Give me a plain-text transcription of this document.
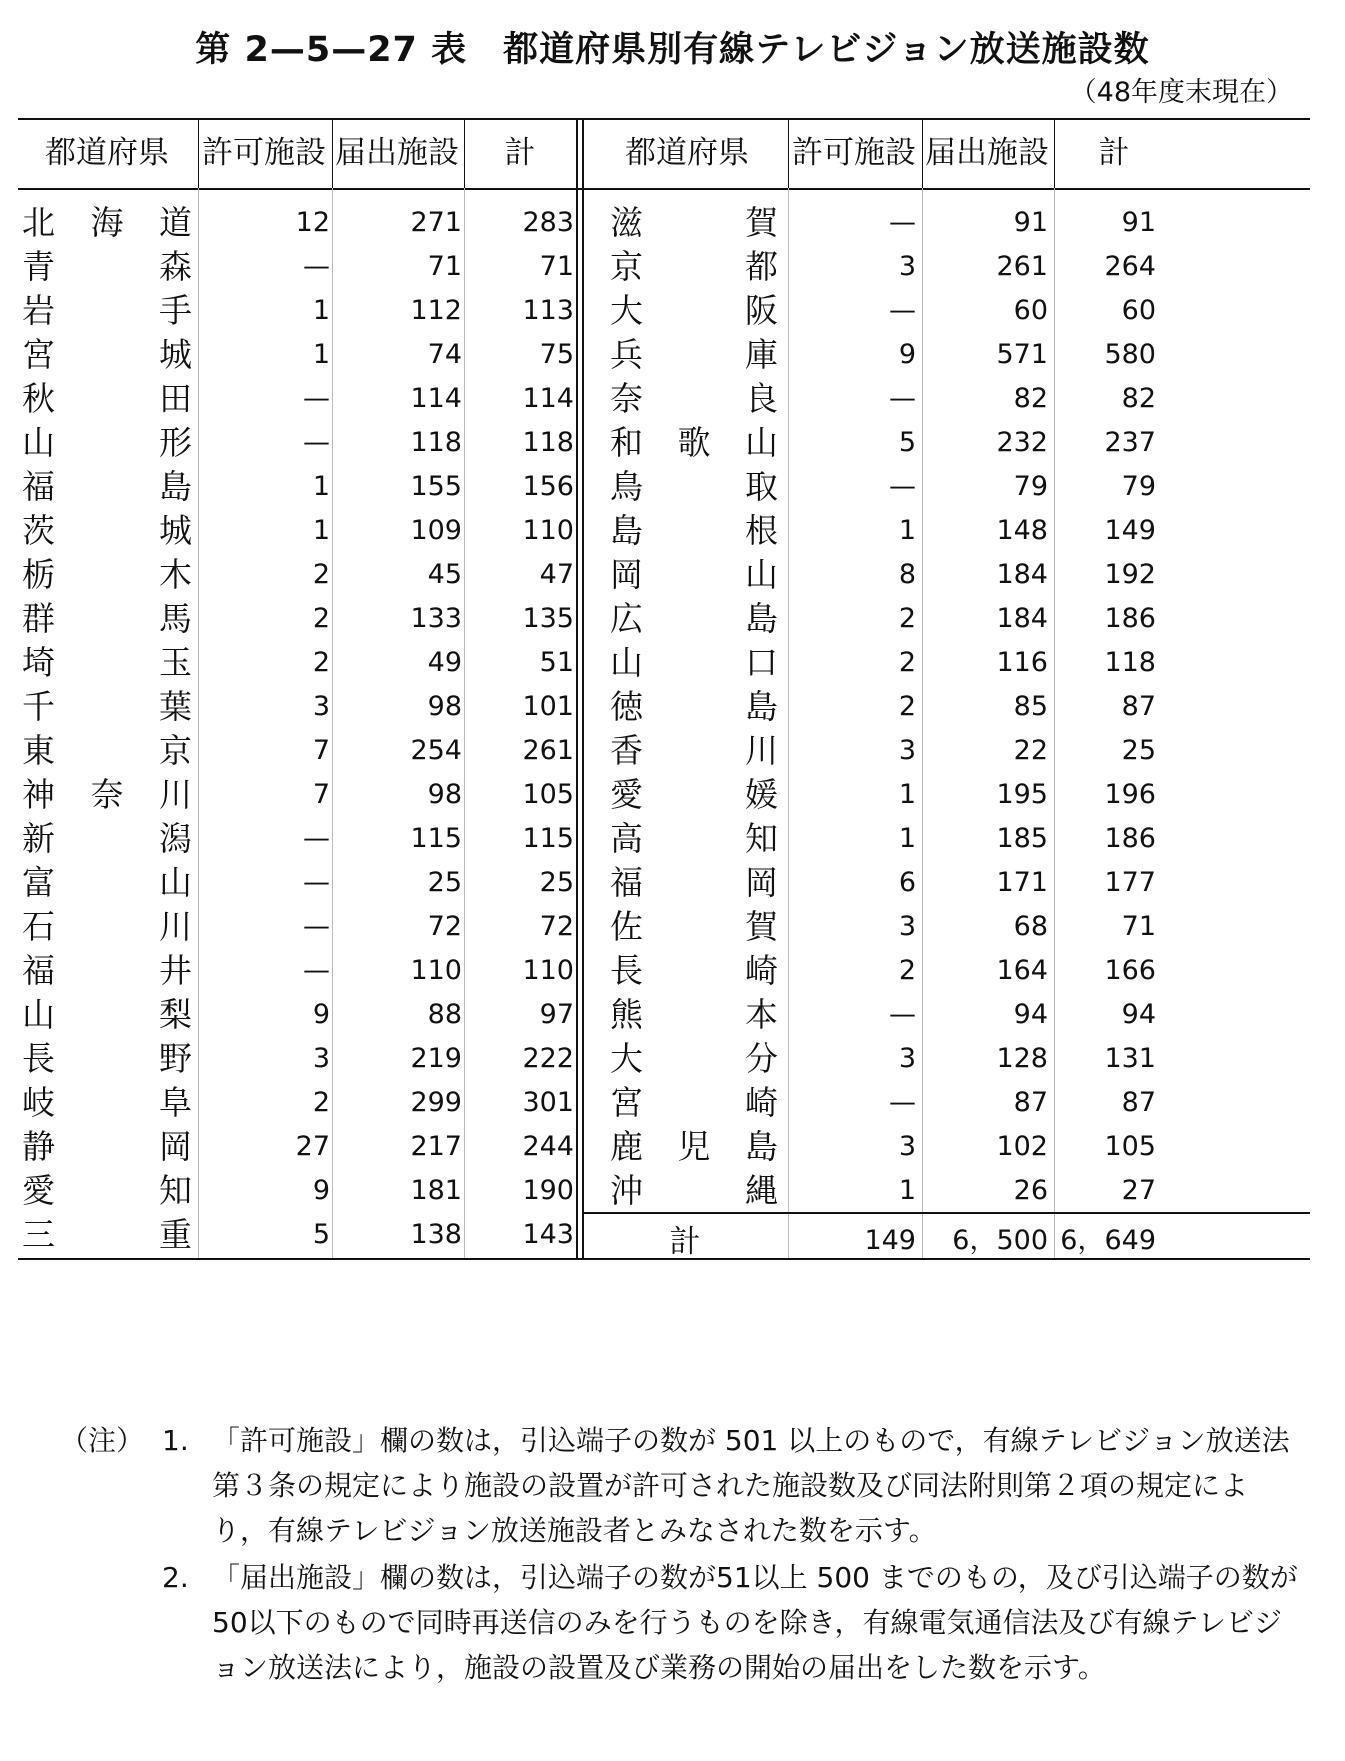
第 2—5—27 表　都道府県別有線テレビジョン放送施設数
（48年度末現在）
都道府県	許可施設 届出施設	計	都道府県	許可施設 届出施設	計
北 海 道	12	271	283
青	森	—	71	71
岩	手	1	112	113
宮	城	1	74	75
秋	田	—	114	114
山	形	—	118	118
福	島	1	155	156
茨	城	1	109	110
栃	木	2	45	47
群	馬	2	133	135
埼	玉	2	49	51
千	葉	3	98	101
東	京	7	254	261
神 奈 川	7	98	105
新	潟	—	115	115
富	山	—	25	25
石	川	—	72	72
福	井	—	110	110
山	梨	9	88	97
長	野	3	219	222
岐	阜	2	299	301
静	岡	27	217	244
愛	知	9	181	190
三	重	5	138	143
滋	賀	—	91	91
京	都	3	261	264
大	阪	—	60	60
兵	庫	9	571	580
奈	良	—	82	82
和 歌 山	5	232	237
鳥	取	—	79	79
島	根	1	148	149
岡	山	8	184	192
広	島	2	184	186
山	口	2	116	118
徳	島	2	85	87
香	川	3	22	25
愛	媛	1	195	196
高	知	1	185	186
福	岡	6	171	177
佐	賀	3	68	71
長	崎	2	164	166
熊	本	—	94	94
大	分	3	128	131
宮	崎	—	87	87
鹿 児 島	3	102	105
沖	縄	1	26	27
計	149	6，500 6，649
（注） 1. 「許可施設」欄の数は，引込端子の数が 501 以上のもので，有線テレビジョン放送法第３条の規定により施設の設置が許可された施設数及び同法附則第２項の規定により，有線テレビジョン放送施設者とみなされた数を示す。
2. 「届出施設」欄の数は，引込端子の数が51以上 500 までのもの，及び引込端子の数が50以下のもので同時再送信のみを行うものを除き，有線電気通信法及び有線テレビジョン放送法により，施設の設置及び業務の開始の届出をした数を示す。
